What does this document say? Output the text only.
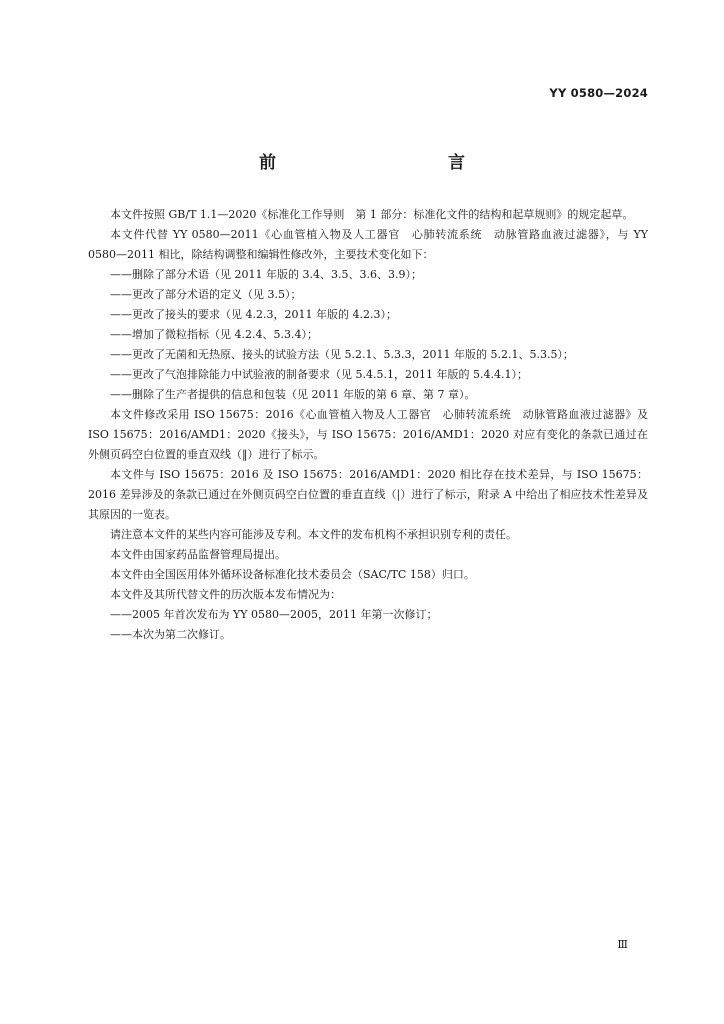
YY 0580—2024
前　　言

本文件按照 GB/T 1.1—2020《标准化工作导则　第 1 部分：标准化文件的结构和起草规则》的规定起草。

本文件代替 YY 0580—2011《心血管植入物及人工器官　心肺转流系统　动脉管路血液过滤器》，与 YY 0580—2011 相比，除结构调整和编辑性修改外，主要技术变化如下：

——删除了部分术语（见 2011 年版的 3.4、3.5、3.6、3.9）；

——更改了部分术语的定义（见 3.5）；

——更改了接头的要求（见 4.2.3，2011 年版的 4.2.3）；

——增加了微粒指标（见 4.2.4、5.3.4）；

——更改了无菌和无热原、接头的试验方法（见 5.2.1、5.3.3，2011 年版的 5.2.1、5.3.5）；

——更改了气泡排除能力中试验液的制备要求（见 5.4.5.1，2011 年版的 5.4.4.1）；

——删除了生产者提供的信息和包装（见 2011 年版的第 6 章、第 7 章）。

本文件修改采用 ISO 15675：2016《心血管植入物及人工器官　心肺转流系统　动脉管路血液过滤器》及 ISO 15675：2016/AMD1：2020《接头》，与 ISO 15675：2016/AMD1：2020 对应有变化的条款已通过在外侧页码空白位置的垂直双线（‖）进行了标示。

本文件与 ISO 15675：2016 及 ISO 15675：2016/AMD1：2020 相比存在技术差异，与 ISO 15675：2016 差异涉及的条款已通过在外侧页码空白位置的垂直直线（|）进行了标示，附录 A 中给出了相应技术性差异及其原因的一览表。

请注意本文件的某些内容可能涉及专利。本文件的发布机构不承担识别专利的责任。

本文件由国家药品监督管理局提出。

本文件由全国医用体外循环设备标准化技术委员会（SAC/TC 158）归口。

本文件及其所代替文件的历次版本发布情况为：

——2005 年首次发布为 YY 0580—2005，2011 年第一次修订；

——本次为第二次修订。

Ⅲ
